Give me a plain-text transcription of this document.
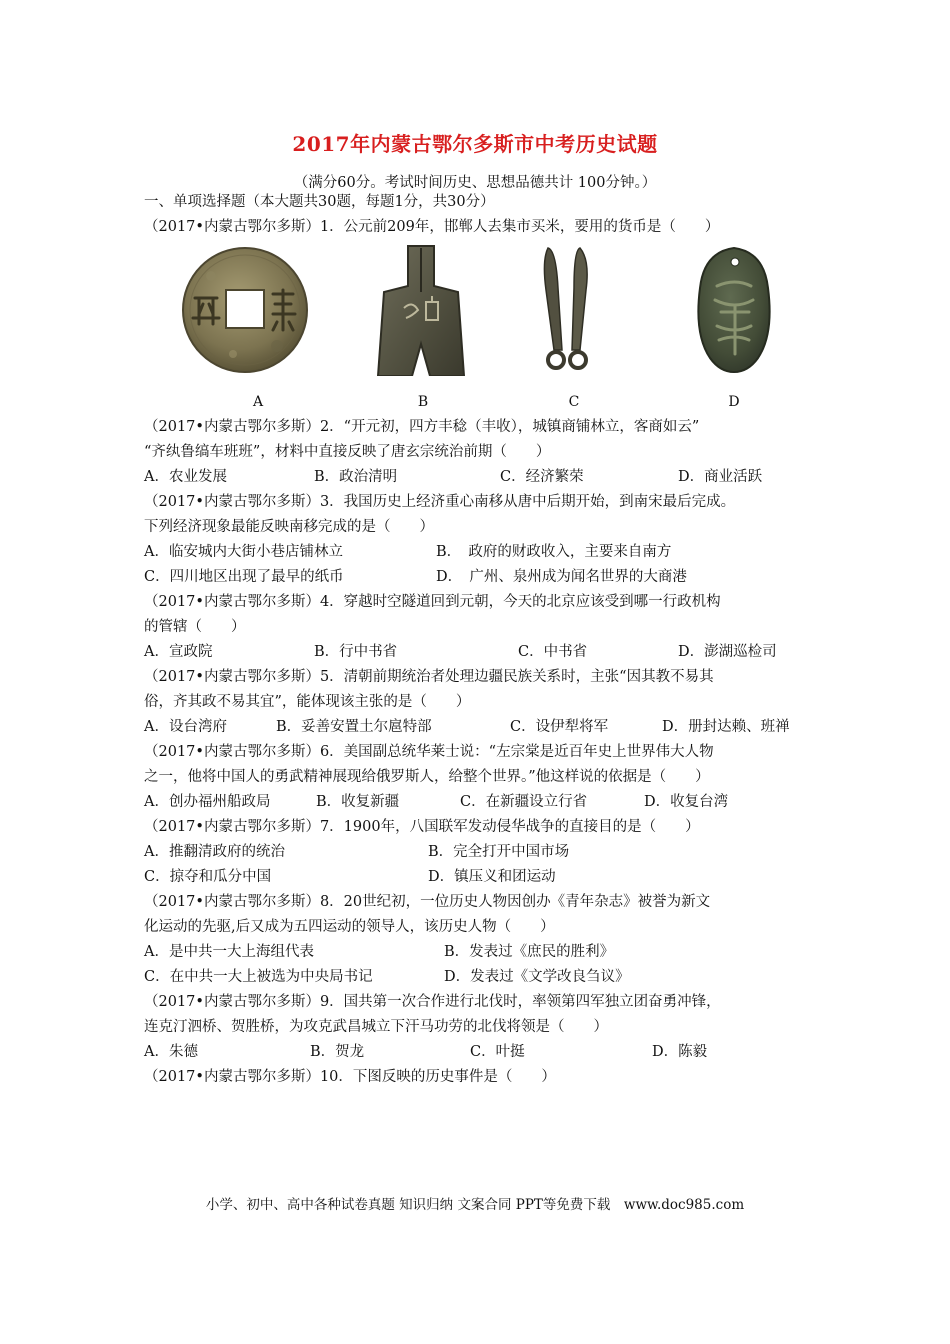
2017年内蒙古鄂尔多斯市中考历史试题
（满分60分。考试时间历史、思想品德共计 100分钟。）
一、单项选择题（本大题共30题，每题1分，共30分）
（2017•内蒙古鄂尔多斯）1．公元前209年，邯郸人去集市买米，要用的货币是（　　）
（2017•内蒙古鄂尔多斯）2．“开元初，四方丰稔（丰收），城镇商铺林立，客商如云”
“齐纨鲁缟车班班”，材料中直接反映了唐玄宗统治前期（　　）
A．农业发展	B．政治清明	C．经济繁荣	D．商业活跃
（2017•内蒙古鄂尔多斯）3．我国历史上经济重心南移从唐中后期开始，到南宋最后完成。
下列经济现象最能反映南移完成的是（　　）
A．临安城内大街小巷店铺林立	B．　政府的财政收入，主要来自南方
C．四川地区出现了最早的纸币	D．　广州、泉州成为闻名世界的大商港
（2017•内蒙古鄂尔多斯）4．穿越时空隧道回到元朝，今天的北京应该受到哪一行政机构
的管辖（　　）
A．宣政院	B．行中书省	C．中书省	D．澎湖巡检司
（2017•内蒙古鄂尔多斯）5．清朝前期统治者处理边疆民族关系时，主张“因其教不易其
俗，齐其政不易其宜”，能体现该主张的是（　　）
A．设台湾府	B．妥善安置土尔扈特部	C．设伊犁将军	D．册封达赖、班禅
（2017•内蒙古鄂尔多斯）6．美国副总统华莱士说：“左宗棠是近百年史上世界伟大人物
之一，他将中国人的勇武精神展现给俄罗斯人，给整个世界。”他这样说的依据是（　　）
A．创办福州船政局	B．收复新疆	C．在新疆设立行省	D．收复台湾
（2017•内蒙古鄂尔多斯）7．1900年，八国联军发动侵华战争的直接目的是（　　）
A．推翻清政府的统治	B．完全打开中国市场
C．掠夺和瓜分中国	D．镇压义和团运动
（2017•内蒙古鄂尔多斯）8．20世纪初，一位历史人物因创办《青年杂志》被誉为新文
化运动的先驱,后又成为五四运动的领导人，该历史人物（　　）
A．是中共一大上海组代表	B．发表过《庶民的胜利》
C．在中共一大上被选为中央局书记	D．发表过《文学改良刍议》
（2017•内蒙古鄂尔多斯）9．国共第一次合作进行北伐时，率领第四军独立团奋勇冲锋，
连克汀泗桥、贺胜桥，为攻克武昌城立下汗马功劳的北伐将领是（　　）
A．朱德	B．贺龙	C．叶挺	D．陈毅
（2017•内蒙古鄂尔多斯）10．下图反映的历史事件是（　　）
A	B	C	D
小学、初中、高中各种试卷真题 知识归纳 文案合同 PPT等免费下载　www.doc985.com
